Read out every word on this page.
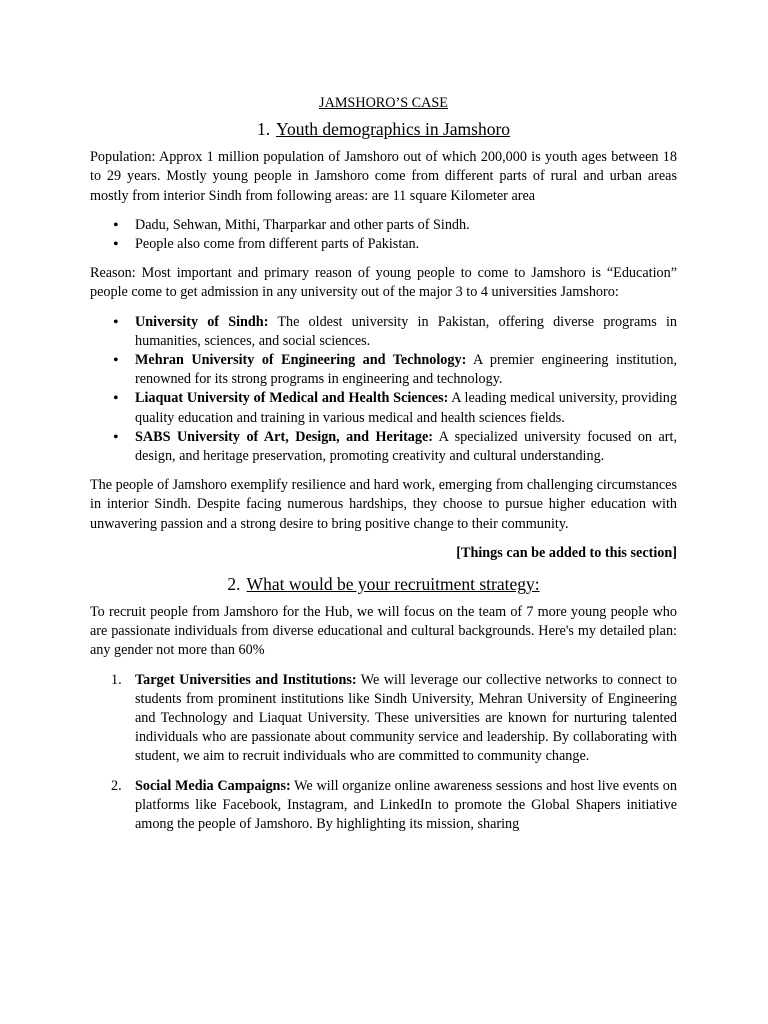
JAMSHORO’S CASE
1. Youth demographics in Jamshoro

Population: Approx 1 million population of Jamshoro out of which 200,000 is youth ages between 18 to 29 years. Mostly young people in Jamshoro come from different parts of rural and urban areas mostly from interior Sindh from following areas: are 11 square Kilometer area

• Dadu, Sehwan, Mithi, Tharparkar and other parts of Sindh.
• People also come from different parts of Pakistan.

Reason: Most important and primary reason of young people to come to Jamshoro is “Education” people come to get admission in any university out of the major 3 to 4 universities Jamshoro:

• University of Sindh: The oldest university in Pakistan, offering diverse programs in humanities, sciences, and social sciences.
• Mehran University of Engineering and Technology: A premier engineering institution, renowned for its strong programs in engineering and technology.
• Liaquat University of Medical and Health Sciences: A leading medical university, providing quality education and training in various medical and health sciences fields.
• SABS University of Art, Design, and Heritage: A specialized university focused on art, design, and heritage preservation, promoting creativity and cultural understanding.

The people of Jamshoro exemplify resilience and hard work, emerging from challenging circumstances in interior Sindh. Despite facing numerous hardships, they choose to pursue higher education with unwavering passion and a strong desire to bring positive change to their community.

[Things can be added to this section]
2. What would be your recruitment strategy:

To recruit people from Jamshoro for the Hub, we will focus on the team of 7 more young people who are passionate individuals from diverse educational and cultural backgrounds. Here's my detailed plan: any gender not more than 60%

1. Target Universities and Institutions: We will leverage our collective networks to connect to students from prominent institutions like Sindh University, Mehran University of Engineering and Technology and Liaquat University. These universities are known for nurturing talented individuals who are passionate about community service and leadership. By collaborating with student, we aim to recruit individuals who are committed to community change.
2. Social Media Campaigns: We will organize online awareness sessions and host live events on platforms like Facebook, Instagram, and LinkedIn to promote the Global Shapers initiative among the people of Jamshoro. By highlighting its mission, sharing
